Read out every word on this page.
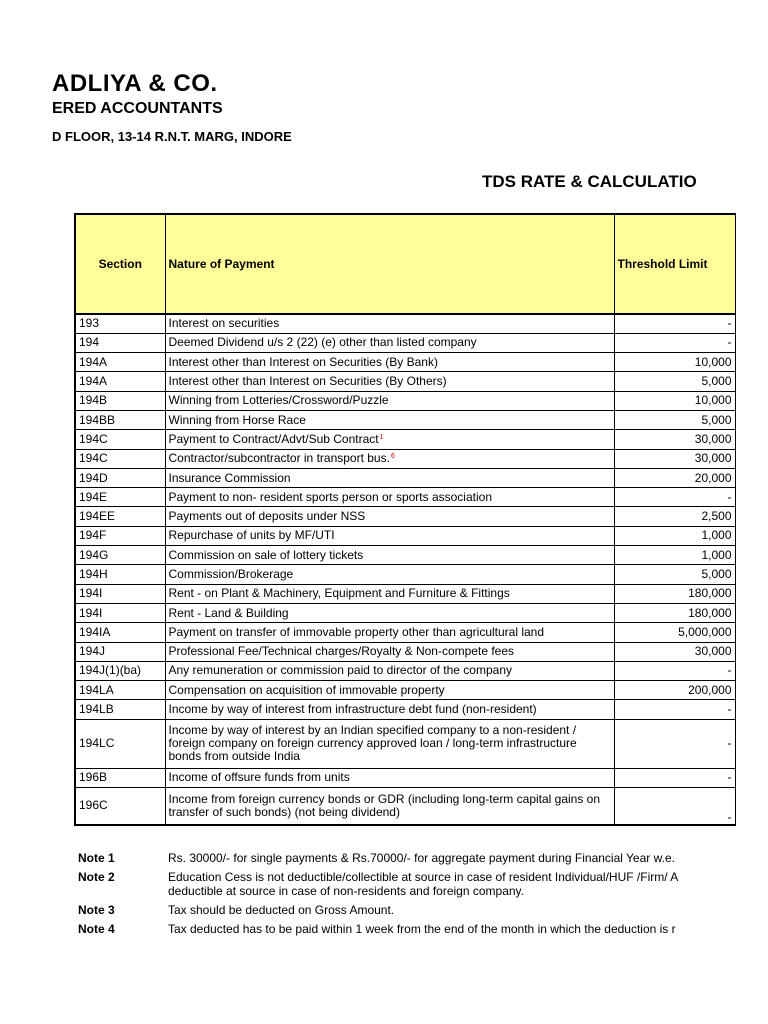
ADLIYA & CO.
ERED ACCOUNTANTS
D FLOOR, 13-14 R.N.T. MARG, INDORE
TDS RATE & CALCULATIO
Section	Nature of Payment	Threshold Limit
193	Interest on securities	-
194	Deemed Dividend u/s 2 (22) (e) other than listed company	-
194A	Interest other than Interest on Securities (By Bank)	10,000
194A	Interest other than Interest on Securities (By Others)	5,000
194B	Winning from Lotteries/Crossword/Puzzle	10,000
194BB	Winning from Horse Race	5,000
194C	Payment to Contract/Advt/Sub Contract$^1$	30,000
194C	Contractor/subcontractor in transport bus.$^6$	30,000
194D	Insurance Commission	20,000
194E	Payment to non- resident sports person or sports association	-
194EE	Payments out of deposits under NSS	2,500
194F	Repurchase of units by MF/UTI	1,000
194G	Commission on sale of lottery tickets	1,000
194H	Commission/Brokerage	5,000
194I	Rent - on Plant & Machinery, Equipment and Furniture & Fittings	180,000
194I	Rent - Land & Building	180,000
194IA	Payment on transfer of immovable property other than agricultural land	5,000,000
194J	Professional Fee/Technical charges/Royalty & Non-compete fees	30,000
194J(1)(ba)	Any remuneration or commission paid to director of the company	-
194LA	Compensation on acquisition of immovable property	200,000
194LB	Income by way of interest from infrastructure debt fund (non-resident)	-
194LC	Income by way of interest by an Indian specified company to a non-resident / foreign company on foreign currency approved loan / long-term infrastructure bonds from outside India	-
196B	Income of offsure funds from units	-
196C	Income from foreign currency bonds or GDR (including long-term capital gains on transfer of such bonds) (not being dividend)	-
Note 1	Rs. 30000/- for single payments & Rs.70000/- for aggregate payment during Financial Year w.e.
Note 2	Education Cess is not deductible/collectible at source in case of resident Individual/HUF /Firm/ A
deductible at source in case of non-residents and foreign company.
Note 3	Tax should be deducted on Gross Amount.
Note 4	Tax deducted has to be paid within 1 week from the end of the month in which the deduction is r
